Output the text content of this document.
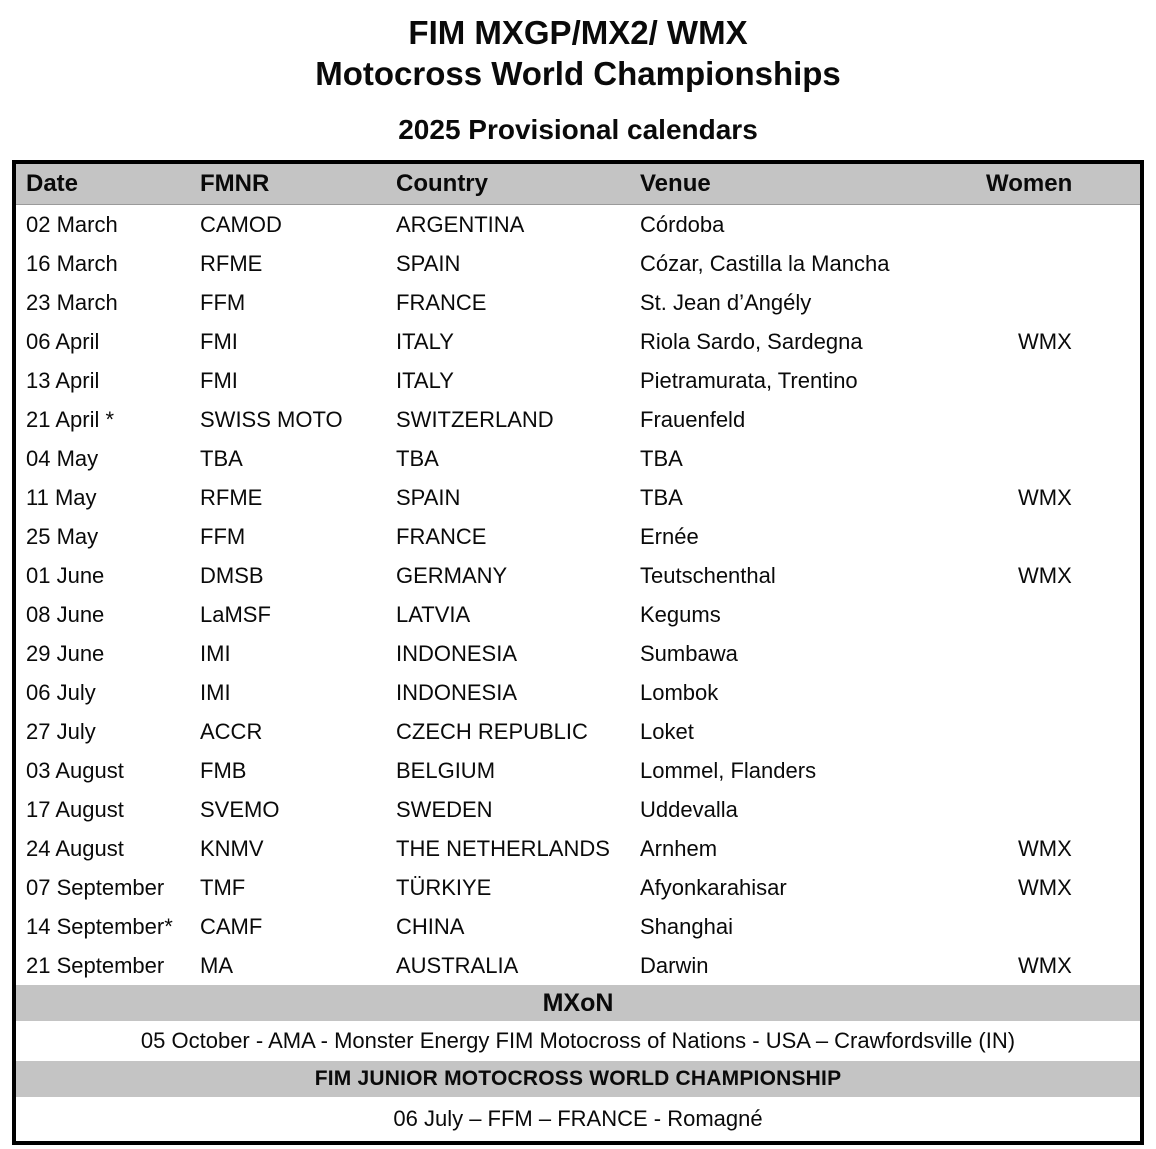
FIM MXGP/MX2/ WMX
Motocross World Championships
2025 Provisional calendars
Date	FMNR	Country	Venue	Women
02 March	CAMOD	ARGENTINA	Córdoba
16 March	RFME	SPAIN	Cózar, Castilla la Mancha
23 March	FFM	FRANCE	St. Jean d’Angély
06 April	FMI	ITALY	Riola Sardo, Sardegna	WMX
13 April	FMI	ITALY	Pietramurata, Trentino
21 April *	SWISS MOTO	SWITZERLAND	Frauenfeld
04 May	TBA	TBA	TBA
11 May	RFME	SPAIN	TBA	WMX
25 May	FFM	FRANCE	Ernée
01 June	DMSB	GERMANY	Teutschenthal	WMX
08 June	LaMSF	LATVIA	Kegums
29 June	IMI	INDONESIA	Sumbawa
06 July	IMI	INDONESIA	Lombok
27 July	ACCR	CZECH REPUBLIC	Loket
03 August	FMB	BELGIUM	Lommel, Flanders
17 August	SVEMO	SWEDEN	Uddevalla
24 August	KNMV	THE NETHERLANDS	Arnhem	WMX
07 September	TMF	TÜRKIYE	Afyonkarahisar	WMX
14 September*	CAMF	CHINA	Shanghai
21 September	MA	AUSTRALIA	Darwin	WMX
MXoN
05 October - AMA - Monster Energy FIM Motocross of Nations - USA – Crawfordsville (IN)
FIM JUNIOR MOTOCROSS WORLD CHAMPIONSHIP
06 July – FFM – FRANCE - Romagné
